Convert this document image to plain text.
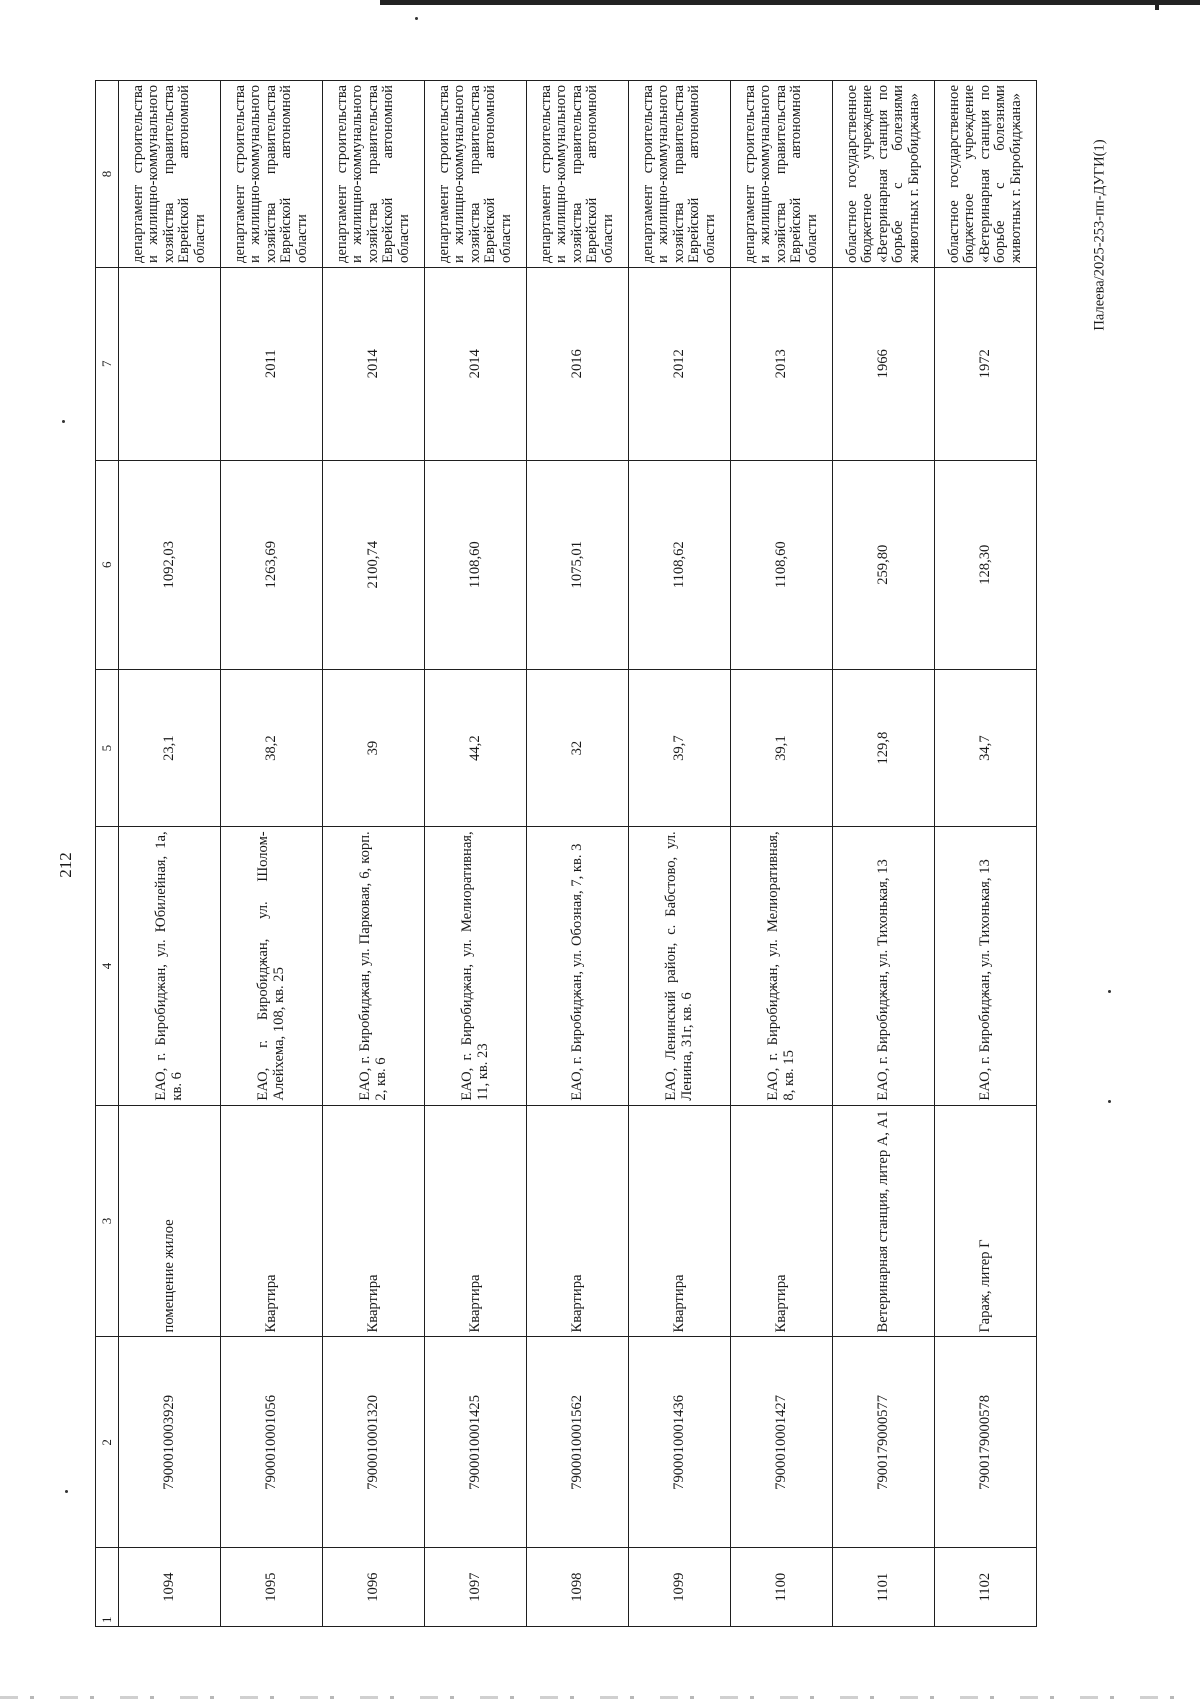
212
Палеева/2025-253-пп-ДУГИ(1)
1	2	3	4	5	6	7	8
1094	7900010003929	помещение жилое	ЕАО, г. Биробиджан, ул. Юбилейная, 1а, кв. 6	23,1	1092,03		департамент строительства и жилищно-коммунального хозяйства правительства Еврейской автономной области
1095	7900010001056	Квартира	ЕАО, г. Биробиджан, ул. Шолом-Алейхема, 108, кв. 25	38,2	1263,69	2011	департамент строительства и жилищно-коммунального хозяйства правительства Еврейской автономной области
1096	7900010001320	Квартира	ЕАО, г. Биробиджан, ул. Парковая, 6, корп. 2, кв. 6	39	2100,74	2014	департамент строительства и жилищно-коммунального хозяйства правительства Еврейской автономной области
1097	7900010001425	Квартира	ЕАО, г. Биробиджан, ул. Мелиоративная, 11, кв. 23	44,2	1108,60	2014	департамент строительства и жилищно-коммунального хозяйства правительства Еврейской автономной области
1098	7900010001562	Квартира	ЕАО, г. Биробиджан, ул. Обозная, 7, кв. 3	32	1075,01	2016	департамент строительства и жилищно-коммунального хозяйства правительства Еврейской автономной области
1099	7900010001436	Квартира	ЕАО, Ленинский район, с. Бабстово, ул. Ленина, 31г, кв. 6	39,7	1108,62	2012	департамент строительства и жилищно-коммунального хозяйства правительства Еврейской автономной области
1100	7900010001427	Квартира	ЕАО, г. Биробиджан, ул. Мелиоративная, 8, кв. 15	39,1	1108,60	2013	департамент строительства и жилищно-коммунального хозяйства правительства Еврейской автономной области
1101	7900179000577	Ветеринарная станция, литер А, А1	ЕАО, г. Биробиджан, ул. Тихонькая, 13	129,8	259,80	1966	областное государственное бюджетное учреждение «Ветеринарная станция по борьбе с болезнями животных г. Биробиджана»
1102	7900179000578	Гараж, литер Г	ЕАО, г. Биробиджан, ул. Тихонькая, 13	34,7	128,30	1972	областное государственное бюджетное учреждение «Ветеринарная станция по борьбе с болезнями животных г. Биробиджана»
